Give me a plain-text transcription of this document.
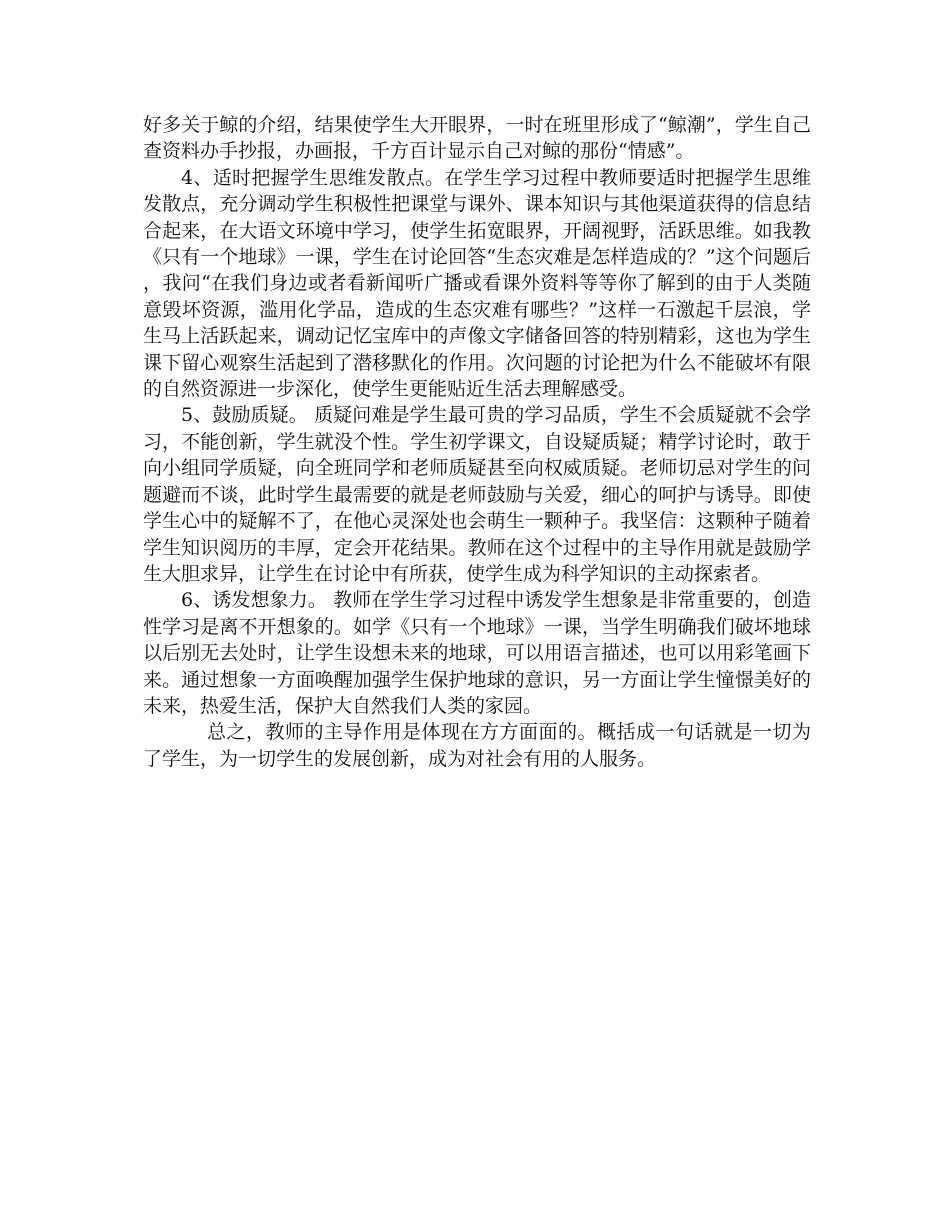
好多关于鲸的介绍，结果使学生大开眼界，一时在班里形成了“鲸潮”，学生自己查资料办手抄报，办画报，千方百计显示自己对鲸的那份“情感”。

4、适时把握学生思维发散点。在学生学习过程中教师要适时把握学生思维发散点，充分调动学生积极性把课堂与课外、课本知识与其他渠道获得的信息结合起来，在大语文环境中学习，使学生拓宽眼界，开阔视野，活跃思维。如我教《只有一个地球》一课，学生在讨论回答“生态灾难是怎样造成的？”这个问题后，我问“在我们身边或者看新闻听广播或看课外资料等等你了解到的由于人类随意毁坏资源，滥用化学品，造成的生态灾难有哪些？”这样一石激起千层浪，学生马上活跃起来，调动记忆宝库中的声像文字储备回答的特别精彩，这也为学生课下留心观察生活起到了潜移默化的作用。次问题的讨论把为什么不能破坏有限的自然资源进一步深化，使学生更能贴近生活去理解感受。

5、鼓励质疑。 质疑问难是学生最可贵的学习品质，学生不会质疑就不会学习，不能创新，学生就没个性。学生初学课文，自设疑质疑；精学讨论时，敢于向小组同学质疑，向全班同学和老师质疑甚至向权威质疑。老师切忌对学生的问题避而不谈，此时学生最需要的就是老师鼓励与关爱，细心的呵护与诱导。即使学生心中的疑解不了，在他心灵深处也会萌生一颗种子。我坚信：这颗种子随着学生知识阅历的丰厚，定会开花结果。教师在这个过程中的主导作用就是鼓励学生大胆求异，让学生在讨论中有所获，使学生成为科学知识的主动探索者。

6、诱发想象力。 教师在学生学习过程中诱发学生想象是非常重要的，创造性学习是离不开想象的。如学《只有一个地球》一课，当学生明确我们破坏地球以后别无去处时，让学生设想未来的地球，可以用语言描述，也可以用彩笔画下来。通过想象一方面唤醒加强学生保护地球的意识，另一方面让学生憧憬美好的未来，热爱生活，保护大自然我们人类的家园。

总之，教师的主导作用是体现在方方面面的。概括成一句话就是一切为了学生，为一切学生的发展创新，成为对社会有用的人服务。
